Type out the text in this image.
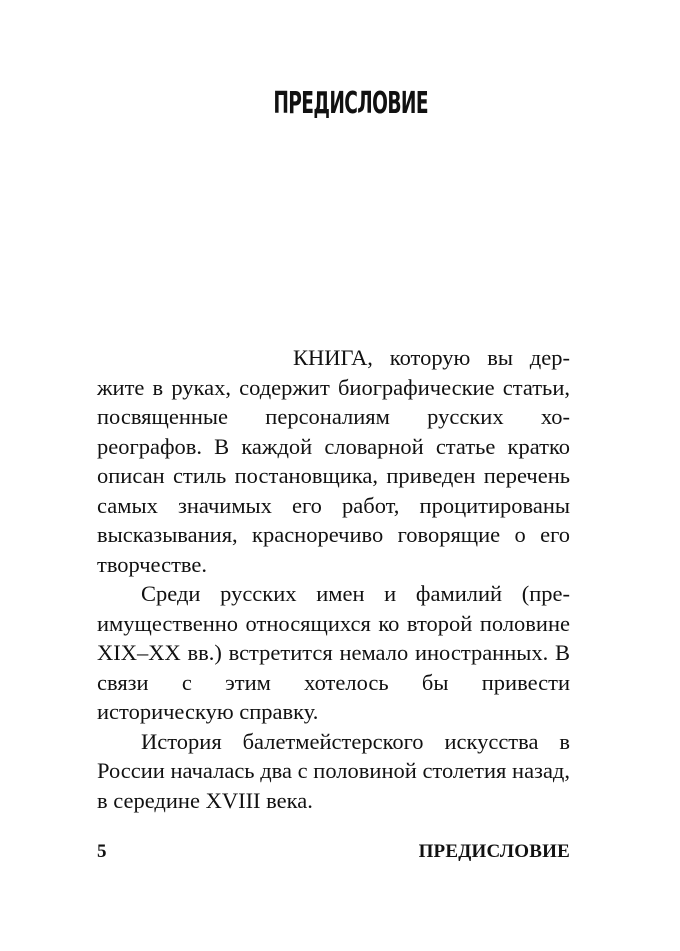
ПРЕДИСЛОВИЕ

КНИГА, которую вы держите в руках, содержит биографические статьи, посвященные персоналиям русских хореографов. В каждой словарной статье кратко описан стиль постановщика, приведен перечень самых значимых его работ, процитированы высказывания, красноречиво говорящие о его творчестве.

Среди русских имен и фамилий (преимущественно относящихся ко второй половине XIX–XX вв.) встретится немало иностранных. В связи с этим хотелось бы привести историческую справку.

История балетмейстерского искусства в России началась два с половиной столетия назад, в середине XVIII века.

5	ПРЕДИСЛОВИЕ
